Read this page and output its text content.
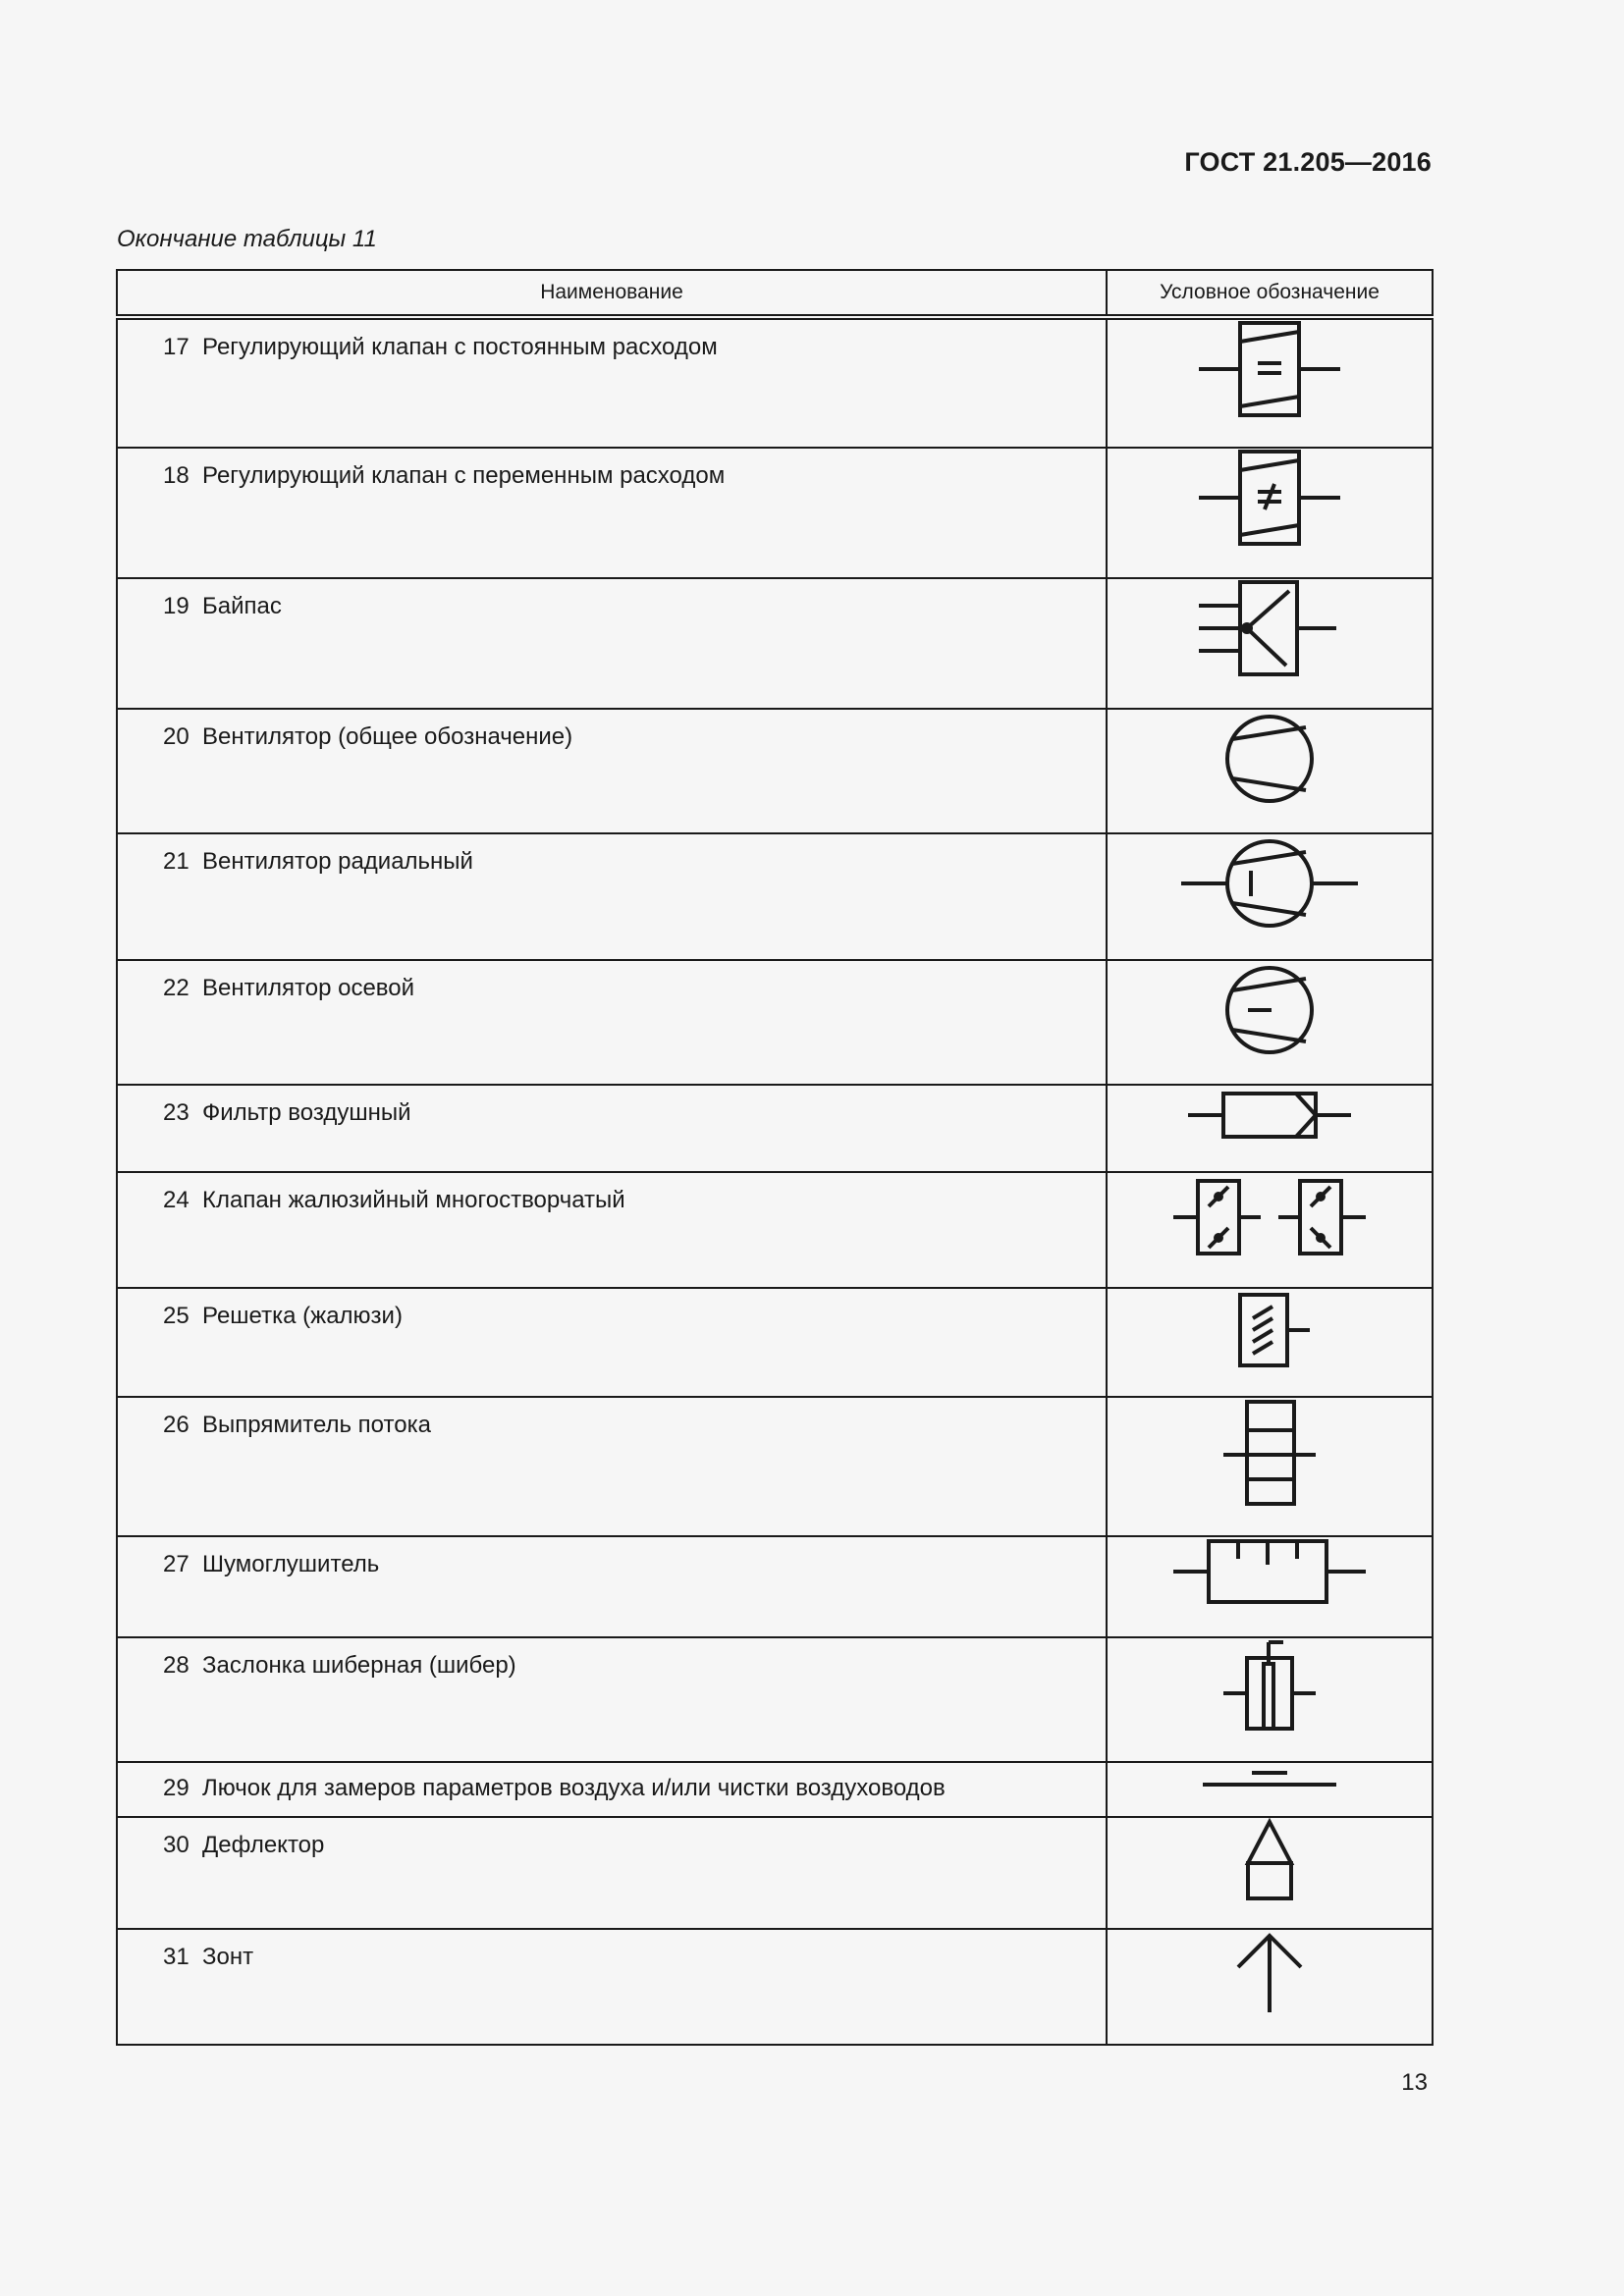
ГОСТ 21.205—2016
Окончание таблицы 11
Наименование	Условное обозначение

17 Регулирующий клапан с постоянным расходом

18 Регулирующий клапан с переменным расходом

19 Байпас

20 Вентилятор (общее обозначение)

21 Вентилятор радиальный

22 Вентилятор осевой

23 Фильтр воздушный

24 Клапан жалюзийный многостворчатый

25 Решетка (жалюзи)

26 Выпрямитель потока

27 Шумоглушитель

28 Заслонка шиберная (шибер)

29 Лючок для замеров параметров воздуха и/или чистки воздуховодов

30 Дефлектор

31 Зонт

13
